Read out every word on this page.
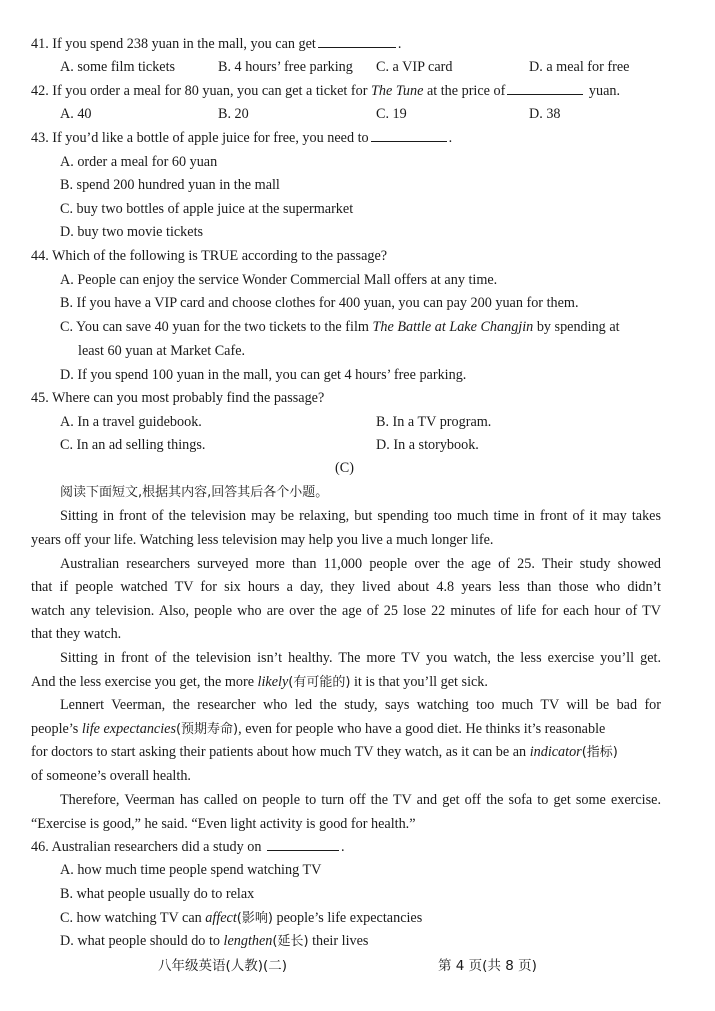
41. If you spend 238 yuan in the mall, you can get	.
A. some film tickets	B. 4 hours’ free parking C. a VIP card	D. a meal for free
42. If you order a meal for 80 yuan, you can get a ticket for The Tune at the price of	yuan.
A. 40	B. 20	C. 19	D. 38
43. If you’d like a bottle of apple juice for free, you need to	.
A. order a meal for 60 yuan
B. spend 200 hundred yuan in the mall
C. buy two bottles of apple juice at the supermarket
D. buy two movie tickets
44. Which of the following is TRUE according to the passage?
A. People can enjoy the service Wonder Commercial Mall offers at any time.
B. If you have a VIP card and choose clothes for 400 yuan, you can pay 200 yuan for them.
C. You can save 40 yuan for the two tickets to the film The Battle at Lake Changjin by spending at
least 60 yuan at Market Cafe.
D. If you spend 100 yuan in the mall, you can get 4 hours’ free parking.
45. Where can you most probably find the passage?
A. In a travel guidebook.	B. In a TV program.
C. In an ad selling things.	D. In a storybook.
(C)
阅读下面短文,根据其内容,回答其后各个小题。
Sitting in front of the television may be relaxing, but spending too much time in front of it may takes
years off your life. Watching less television may help you live a much longer life.
Australian researchers surveyed more than 11,000 people over the age of 25. Their study showed
that if people watched TV for six hours a day, they lived about 4.8 years less than those who didn’t
watch any television. Also, people who are over the age of 25 lose 22 minutes of life for each hour of TV
that they watch.
Sitting in front of the television isn’t healthy. The more TV you watch, the less exercise you’ll get.
And the less exercise you get, the more likely(有可能的) it is that you’ll get sick.
Lennert Veerman, the researcher who led the study, says watching too much TV will be bad for
people’s life expectancies(预期寿命), even for people who have a good diet. He thinks it’s reasonable
for doctors to start asking their patients about how much TV they watch, as it can be an indicator(指标)
of someone’s overall health.
Therefore, Veerman has called on people to turn off the TV and get off the sofa to get some exercise.
“Exercise is good,” he said. “Even light activity is good for health.”
46. Australian researchers did a study on	.
A. how much time people spend watching TV
B. what people usually do to relax
C. how watching TV can affect(影响) people’s life expectancies
D. what people should do to lengthen(延长) their lives
八年级英语(人教)(二)	第 4 页(共 8 页)
